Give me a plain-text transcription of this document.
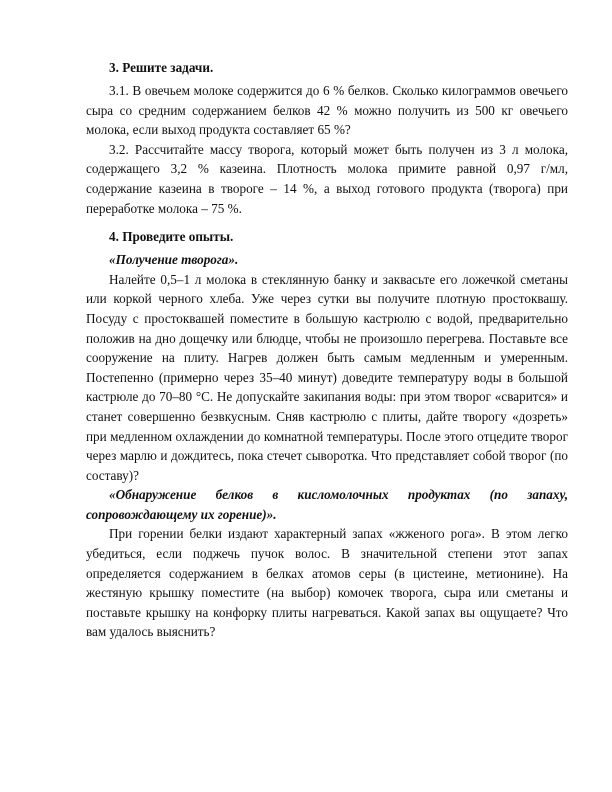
3. Решите задачи.

3.1. В овечьем молоке содержится до 6 % белков. Сколько килограммов овечьего сыра со средним содержанием белков 42 % можно получить из 500 кг овечьего молока, если выход продукта составляет 65 %?

3.2. Рассчитайте массу творога, который может быть получен из 3 л молока, содержащего 3,2 % казеина. Плотность молока примите равной 0,97 г/мл, содержание казеина в твороге – 14 %, а выход готового продукта (творога) при переработке молока – 75 %.

4. Проведите опыты.

«Получение творога».

Налейте 0,5–1 л молока в стеклянную банку и заквасьте его ложечкой сметаны или коркой черного хлеба. Уже через сутки вы получите плотную простоквашу. Посуду с простоквашей поместите в большую кастрюлю с водой, предварительно положив на дно дощечку или блюдце, чтобы не произошло перегрева. Поставьте все сооружение на плиту. Нагрев должен быть самым медленным и умеренным. Постепенно (примерно через 35–40 минут) доведите температуру воды в большой кастрюле до 70–80 °С. Не допускайте закипания воды: при этом творог «сварится» и станет совершенно безвкусным. Сняв кастрюлю с плиты, дайте творогу «дозреть» при медленном охлаждении до комнатной температуры. После этого отцедите творог через марлю и дождитесь, пока стечет сыворотка. Что представляет собой творог (по составу)?

«Обнаружение белков в кисломолочных продуктах (по запаху, сопровождающему их горение)».

При горении белки издают характерный запах «жженого рога». В этом легко убедиться, если поджечь пучок волос. В значительной степени этот запах определяется содержанием в белках атомов серы (в цистеине, метионине). На жестяную крышку поместите (на выбор) комочек творога, сыра или сметаны и поставьте крышку на конфорку плиты нагреваться. Какой запах вы ощущаете? Что вам удалось выяснить?
